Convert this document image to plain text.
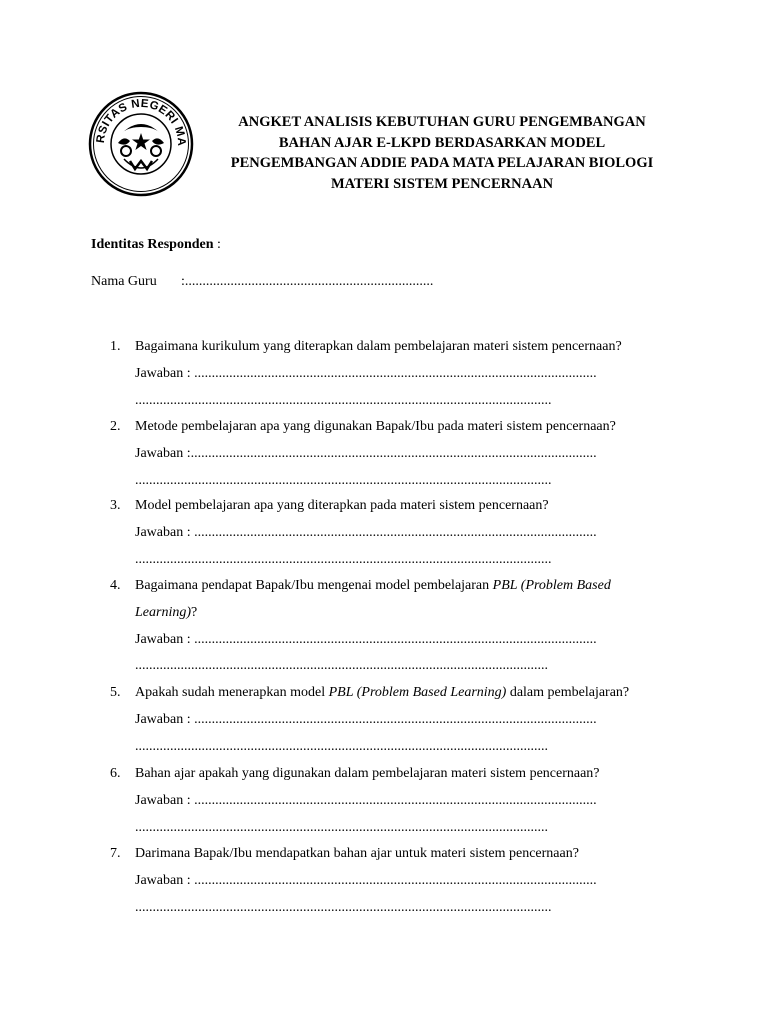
RSITAS NEGERI MA
ANGKET ANALISIS KEBUTUHAN GURU PENGEMBANGAN
BAHAN AJAR E-LKPD BERDASARKAN MODEL
PENGEMBANGAN ADDIE PADA MATA PELAJARAN BIOLOGI
MATERI SISTEM PENCERNAAN
Identitas Responden :
Nama Guru :.......................................................................
1. Bagaimana kurikulum yang diterapkan dalam pembelajaran materi sistem pencernaan?
Jawaban : ...................................................................................................................
.......................................................................................................................
2. Metode pembelajaran apa yang digunakan Bapak/Ibu pada materi sistem pencernaan?
Jawaban :....................................................................................................................
.......................................................................................................................
3. Model pembelajaran apa yang diterapkan pada materi sistem pencernaan?
Jawaban : ...................................................................................................................
.......................................................................................................................
4. Bagaimana pendapat Bapak/Ibu mengenai model pembelajaran PBL (Problem Based
Learning)?
Jawaban : ...................................................................................................................
......................................................................................................................
5. Apakah sudah menerapkan model PBL (Problem Based Learning) dalam pembelajaran?
Jawaban : ...................................................................................................................
......................................................................................................................
6. Bahan ajar apakah yang digunakan dalam pembelajaran materi sistem pencernaan?
Jawaban : ...................................................................................................................
......................................................................................................................
7. Darimana Bapak/Ibu mendapatkan bahan ajar untuk materi sistem pencernaan?
Jawaban : ...................................................................................................................
.......................................................................................................................
